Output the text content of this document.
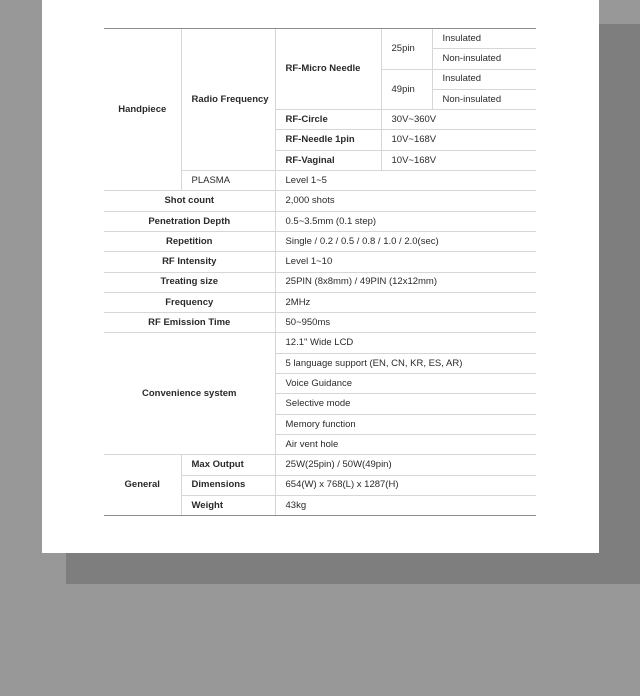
Handpiece	Radio Frequency	RF-Micro Needle	25pin	Insulated
				Non-insulated
			49pin	Insulated
				Non-insulated
		RF-Circle	30V~360V	
		RF-Needle 1pin	10V~168V	
		RF-Vaginal	10V~168V	
	PLASMA	Level 1~5		
Shot count		2,000 shots		
Penetration Depth		0.5~3.5mm (0.1 step)		
Repetition		Single / 0.2 / 0.5 / 0.8 / 1.0 / 2.0(sec)		
RF Intensity		Level 1~10		
Treating size		25PIN (8x8mm) / 49PIN (12x12mm)		
Frequency		2MHz		
RF Emission Time		50~950ms		
Convenience system		12.1" Wide LCD		
		5 language support (EN, CN, KR, ES, AR)		
		Voice Guidance		
		Selective mode		
		Memory function		
		Air vent hole		
General	Max Output	25W(25pin) / 50W(49pin)		
	Dimensions	654(W) x 768(L) x 1287(H)		
	Weight	43kg		
